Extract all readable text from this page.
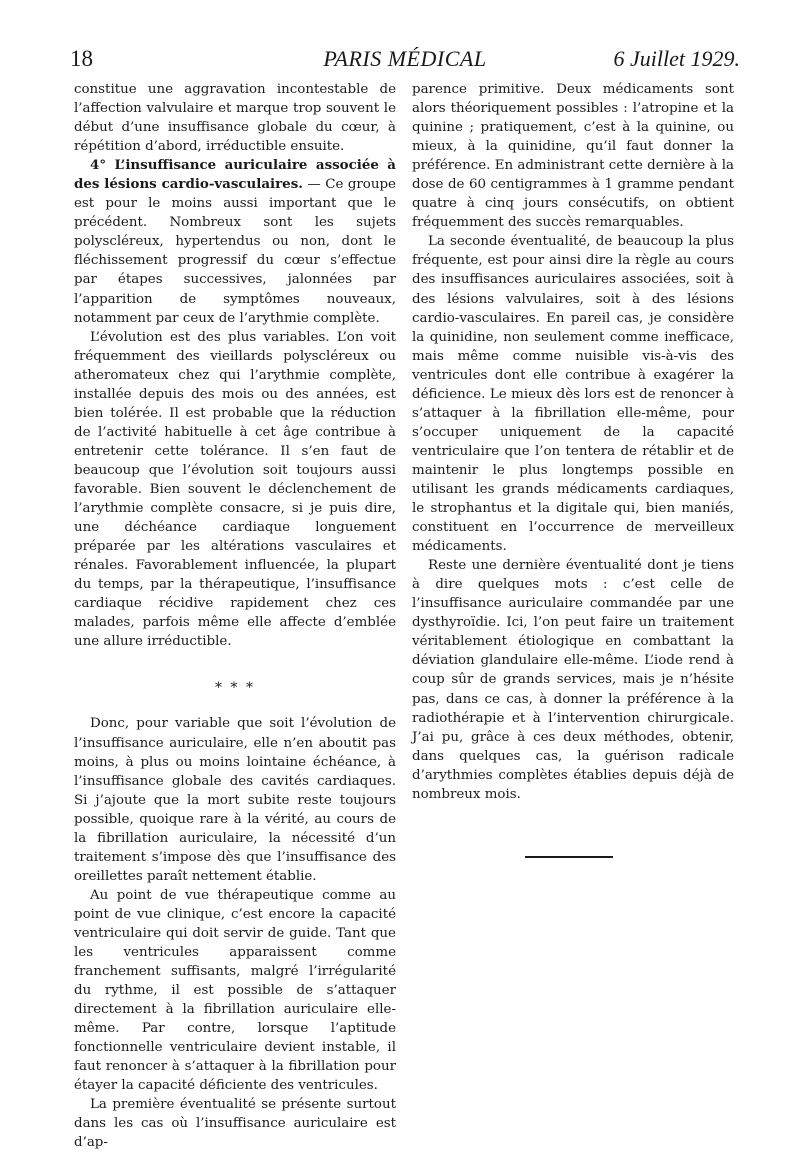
18	PARIS MÉDICAL	6 Juillet 1929.

constitue une aggravation incontestable de l’affection valvulaire et marque trop souvent le début d’une insuffisance globale du cœur, à répétition d’abord, irréductible ensuite.

4° L’insuffisance auriculaire associée à des lésions cardio-vasculaires. — Ce groupe est pour le moins aussi important que le précédent. Nombreux sont les sujets polyscléreux, hypertendus ou non, dont le fléchissement progressif du cœur s’effectue par étapes successives, jalonnées par l’apparition de symptômes nouveaux, notamment par ceux de l’arythmie complète.

L’évolution est des plus variables. L’on voit fréquemment des vieillards polyscléreux ou atheromateux chez qui l’arythmie complète, installée depuis des mois ou des années, est bien tolérée. Il est probable que la réduction de l’activité habituelle à cet âge contribue à entretenir cette tolérance. Il s’en faut de beaucoup que l’évolution soit toujours aussi favorable. Bien souvent le déclenchement de l’arythmie complète consacre, si je puis dire, une déchéance cardiaque longuement préparée par les altérations vasculaires et rénales. Favorablement influencée, la plupart du temps, par la thérapeutique, l’insuffisance cardiaque récidive rapidement chez ces malades, parfois même elle affecte d’emblée une allure irréductible.

* * *

Donc, pour variable que soit l’évolution de l’insuffisance auriculaire, elle n’en aboutit pas moins, à plus ou moins lointaine échéance, à l’insuffisance globale des cavités cardiaques. Si j’ajoute que la mort subite reste toujours possible, quoique rare à la vérité, au cours de la fibrillation auriculaire, la nécessité d’un traitement s’impose dès que l’insuffisance des oreillettes paraît nettement établie.

Au point de vue thérapeutique comme au point de vue clinique, c’est encore la capacité ventriculaire qui doit servir de guide. Tant que les ventricules apparaissent comme franchement suffisants, malgré l’irrégularité du rythme, il est possible de s’attaquer directement à la fibrillation auriculaire elle-même. Par contre, lorsque l’aptitude fonctionnelle ventriculaire devient instable, il faut renoncer à s’attaquer à la fibrillation pour étayer la capacité déficiente des ventricules.

La première éventualité se présente surtout dans les cas où l’insuffisance auriculaire est d’ap-

parence primitive. Deux médicaments sont alors théoriquement possibles : l’atropine et la quinine ; pratiquement, c’est à la quinine, ou mieux, à la quinidine, qu’il faut donner la préférence. En administrant cette dernière à la dose de 60 centigrammes à 1 gramme pendant quatre à cinq jours consécutifs, on obtient fréquemment des succès remarquables.

La seconde éventualité, de beaucoup la plus fréquente, est pour ainsi dire la règle au cours des insuffisances auriculaires associées, soit à des lésions valvulaires, soit à des lésions cardio-vasculaires. En pareil cas, je considère la quinidine, non seulement comme inefficace, mais même comme nuisible vis-à-vis des ventricules dont elle contribue à exagérer la déficience. Le mieux dès lors est de renoncer à s’attaquer à la fibrillation elle-même, pour s’occuper uniquement de la capacité ventriculaire que l’on tentera de rétablir et de maintenir le plus longtemps possible en utilisant les grands médicaments cardiaques, le strophantus et la digitale qui, bien maniés, constituent en l’occurrence de merveilleux médicaments.

Reste une dernière éventualité dont je tiens à dire quelques mots : c’est celle de l’insuffisance auriculaire commandée par une dysthyroïdie. Ici, l’on peut faire un traitement véritablement étiologique en combattant la déviation glandulaire elle-même. L’iode rend à coup sûr de grands services, mais je n’hésite pas, dans ce cas, à donner la préférence à la radiothérapie et à l’intervention chirurgicale. J’ai pu, grâce à ces deux méthodes, obtenir, dans quelques cas, la guérison radicale d’arythmies complètes établies depuis déjà de nombreux mois.
